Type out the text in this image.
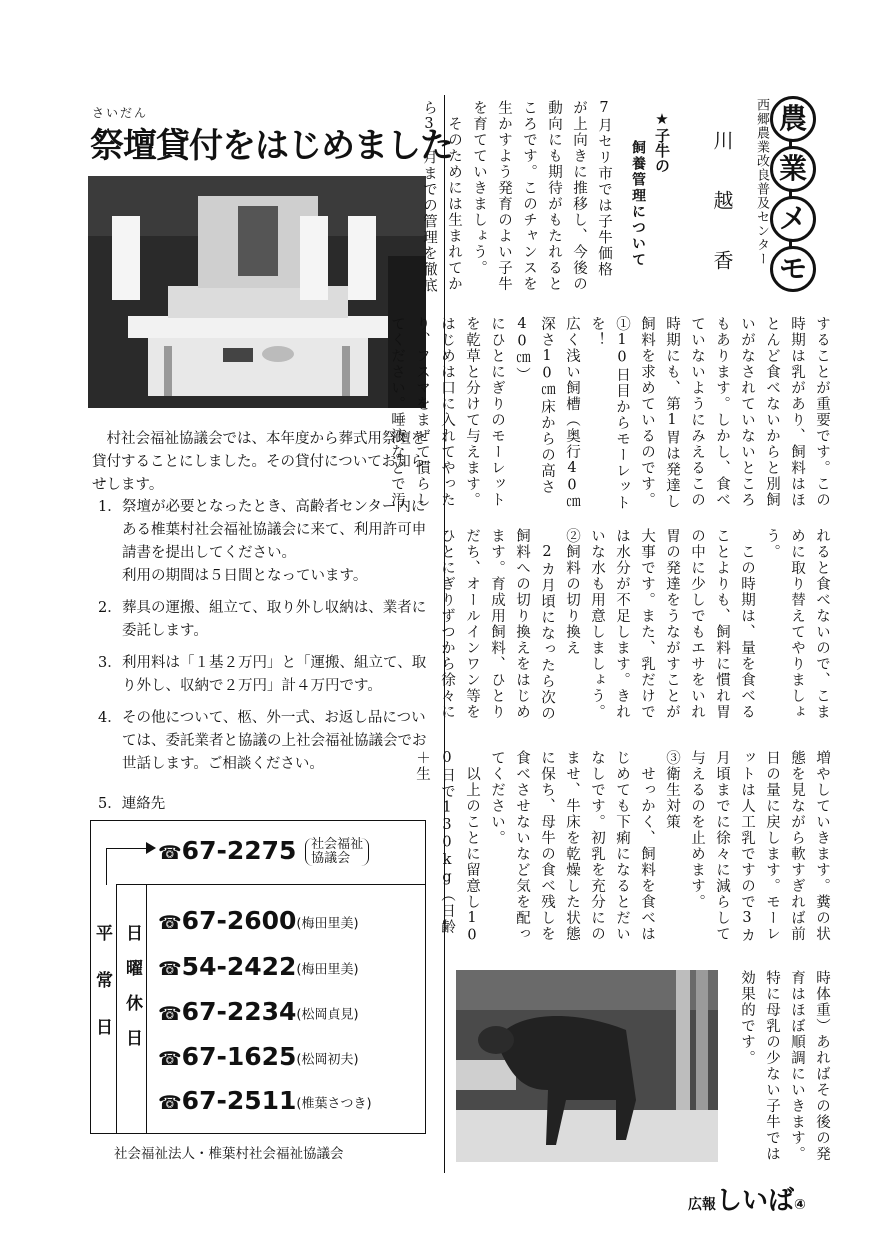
さいだん
祭壇貸付をはじめました
村社会福祉協議会では、本年度から葬式用祭壇を貸付することにしました。その貸付についてお知らせします。
1． 祭壇が必要となったとき、高齢者センター内にある椎葉村社会福祉協議会に来て、利用許可申請書を提出してください。
利用の期間は５日間となっています。
2． 葬具の運搬、組立て、取り外し収納は、業者に委託します。
3． 利用料は「１基２万円」と「運搬、組立て、取り外し、収納で２万円」計４万円です。
4． その他について、柩、外一式、お返し品については、委託業者と協議の上社会福祉協議会でお世話します。ご相談ください。
5．連絡先
☎67-2275 社会福祉
協議会
平常日 日曜休日
☎67-2600(梅田里美)
☎54-2422(梅田里美)
☎67-2234(松岡貞見)
☎67-1625(松岡初夫)
☎67-2511(椎葉さつき)
社会福祉法人・椎葉村社会福祉協議会
農
業
メ
モ
西郷農業改良普及センター
川越香
★子牛の
飼養管理について
7月セリ市では子牛価格
が上向きに推移し、今後の
動向にも期待がもたれると
ころです。このチャンスを
生かすよう発育のよい子牛
を育てていきましょう。
　そのためには生まれてか
ら3ヶ月までの管理を徹底
することが重要です。この
時期は乳があり、飼料はほ
とんど食べないからと別飼
いがなされていないところ
もあります。しかし、食べ
ていないようにみえるこの
時期にも、第1胃は発達し
飼料を求めているのです。
①10日目からモーレットを！
広く浅い飼槽（奥行40㎝
深さ10㎝床からの高さ40㎝）
にひとにぎりのモーレット
を乾草と分けて与えます。
はじめは口に入れてやった
り、フスマをまぜて慣らし
てください。唾液などで汚
れると食べないので、こま
めに取り替えてやりましょ
う。
　この時期は、量を食べる
ことよりも、飼料に慣れ胃
の中に少しでもエサをいれ
胃の発達をうながすことが
大事です。また、乳だけで
は水分が不足します。きれ
いな水も用意しましょう。
②飼料の切り換え
　2カ月頃になったら次の
飼料への切り換えをはじめ
ます。育成用飼料、ひとり
だち、オールインワン等を
ひとにぎりずつから徐々に
増やしていきます。糞の状
態を見ながら軟すぎれば前
日の量に戻します。モーレ
ットは人工乳ですので3カ
月頃までに徐々に減らして
与えるのを止めます。
③衛生対策
　せっかく、飼料を食べは
じめても下痢になるとだい
なしです。初乳を充分にの
ませ、牛床を乾燥した状態
に保ち、母牛の食べ残しを
食べさせないなど気を配っ
てください。
　以上のことに留意し10
0日で130kg（日齢＋生
時体重）あればその後の発
育はほぼ順調にいきます。
特に母乳の少ない子牛では
効果的です。
広報しいば④
